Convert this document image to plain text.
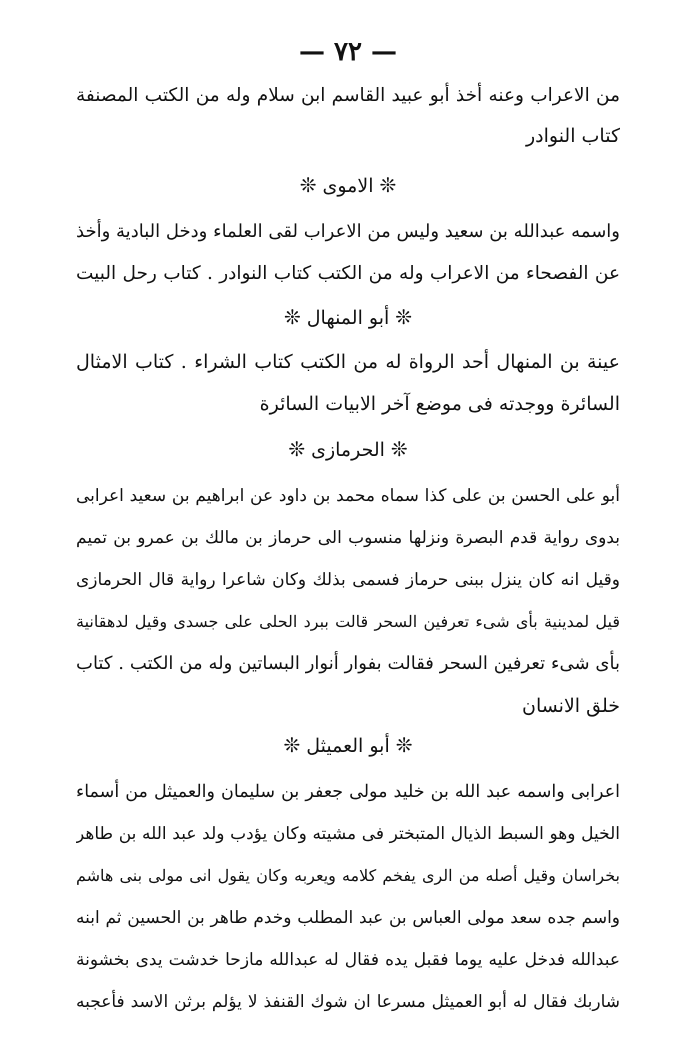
— ٧٢ —
من الاعراب وعنه أخذ أبو عبيد القاسم ابن سلام وله من الكتب المصنفة
كتاب النوادر
❊الاموى❊
واسمه عبدالله بن سعيد وليس من الاعراب لقى العلماء ودخل البادية وأخذ
عن الفصحاء من الاعراب وله من الكتب كتاب النوادر . كتاب رحل البيت
❊أبو المنهال❊
عينة بن المنهال أحد الرواة له من الكتب كتاب الشراء . كتاب الامثال
السائرة ووجدته فى موضع آخر الابيات السائرة
❊الحرمازى❊
أبو على الحسن بن على كذا سماه محمد بن داود عن ابراهيم بن سعيد اعرابى
بدوى رواية قدم البصرة ونزلها منسوب الى حرماز بن مالك بن عمرو بن تميم
وقيل انه كان ينزل ببنى حرماز فسمى بذلك وكان شاعرا رواية قال الحرمازى
قيل لمدينية بأى شىء تعرفين السحر قالت ببرد الحلى على جسدى وقيل لدهقانية
بأى شىء تعرفين السحر فقالت بفوار أنوار البساتين وله من الكتب . كتاب
خلق الانسان
❊أبو العميثل❊
اعرابى واسمه عبد الله بن خليد مولى جعفر بن سليمان والعميثل من أسماء
الخيل وهو السبط الذيال المتبختر فى مشيته وكان يؤدب ولد عبد الله بن طاهر
بخراسان وقيل أصله من الرى يفخم كلامه ويعربه وكان يقول انى مولى بنى هاشم
واسم جده سعد مولى العباس بن عبد المطلب وخدم طاهر بن الحسين ثم ابنه
عبدالله فدخل عليه يوما فقبل يده فقال له عبدالله مازحا خدشت يدى بخشونة
شاربك فقال له أبو العميثل مسرعا ان شوك القنفذ لا يؤلم برثن الاسد فأعجبه
